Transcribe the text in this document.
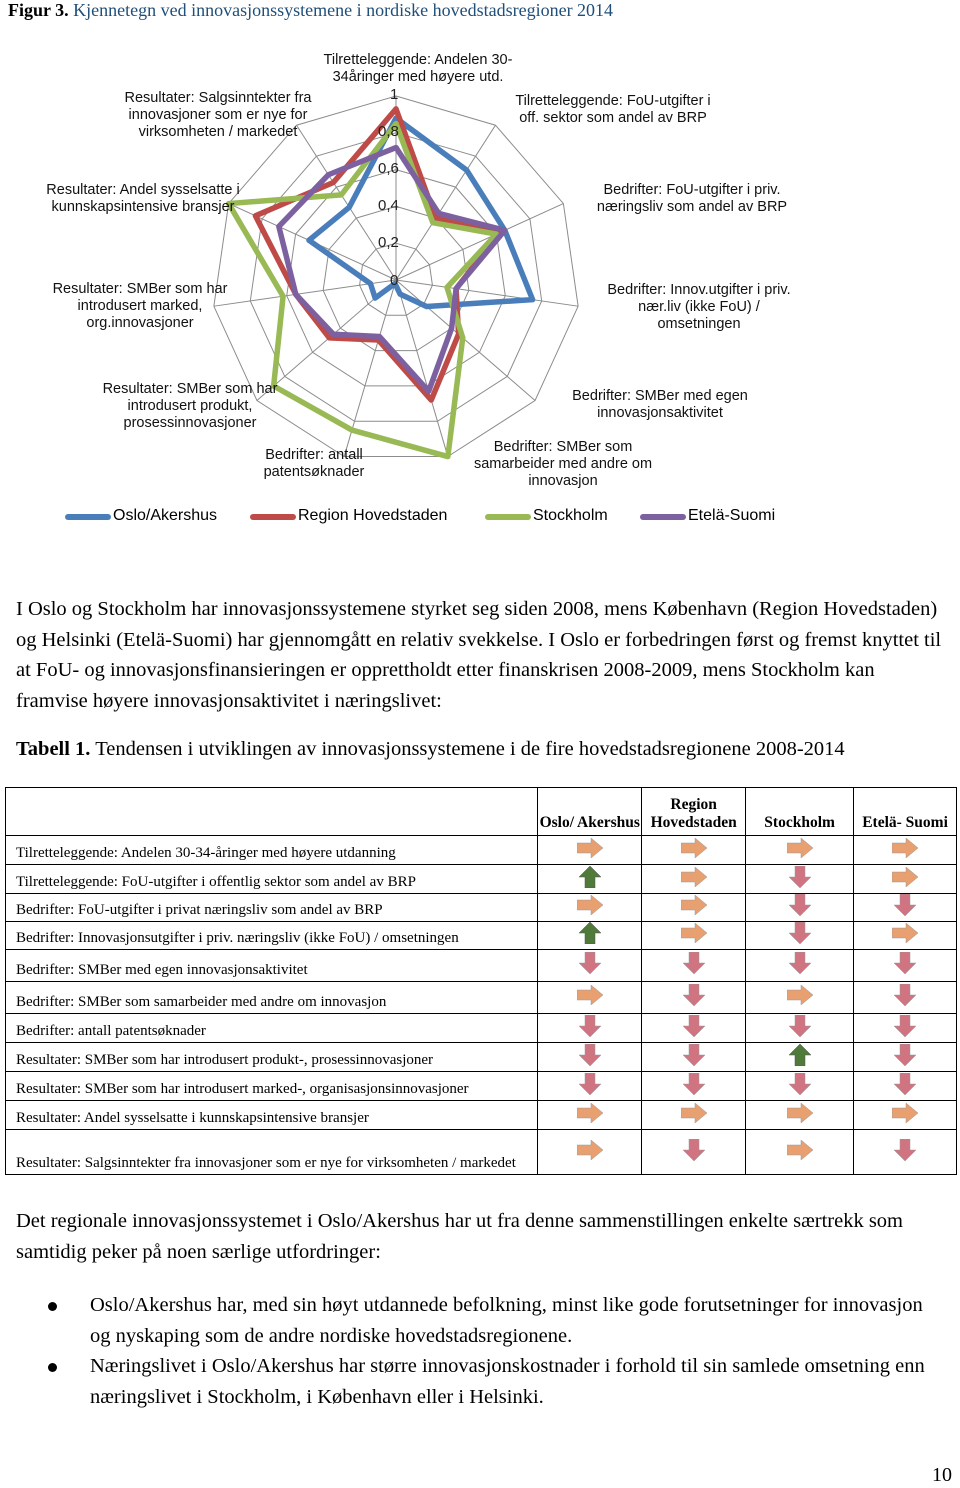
Figur 3. Kjennetegn ved innovasjonssystemene i nordiske hovedstadsregioner 2014
Tilretteleggende: Andelen 30-34åringer med høyere utd.
Tilretteleggende: FoU-utgifter i off. sektor som andel av BRP
Bedrifter: FoU-utgifter i priv. næringsliv som andel av BRP
Bedrifter: Innov.utgifter i priv. nær.liv (ikke FoU) / omsetningen
Bedrifter: SMBer med egen innovasjonsaktivitet
Bedrifter: SMBer som samarbeider med andre om innovasjon
Bedrifter: antall patentsøknader
Resultater: SMBer som har introdusert produkt, prosessinnovasjoner
Resultater: SMBer som har introdusert marked, org.innovasjoner
Resultater: Andel sysselsatte i kunnskapsintensive bransjer
Resultater: Salgsinntekter fra innovasjoner som er nye for virksomheten / markedet
0
0,2
0,4
0,6
0,8
1
Oslo/Akershus	Region Hovedstaden	Stockholm	Etelä-Suomi
I Oslo og Stockholm har innovasjonssystemene styrket seg siden 2008, mens København (Region Hovedstaden) og Helsinki (Etelä-Suomi) har gjennomgått en relativ svekkelse. I Oslo er forbedringen først og fremst knyttet til at FoU- og innovasjonsfinansieringen er opprettholdt etter finanskrisen 2008-2009, mens Stockholm kan framvise høyere innovasjonsaktivitet i næringslivet:
Tabell 1. Tendensen i utviklingen av innovasjonssystemene i de fire hovedstadsregionene 2008-2014
	Oslo/ Akershus	Region Hovedstaden	Stockholm	Etelä- Suomi
Tilretteleggende: Andelen 30-34-åringer med høyere utdanning				
Tilretteleggende: FoU-utgifter i offentlig sektor som andel av BRP				
Bedrifter: FoU-utgifter i privat næringsliv som andel av BRP				
Bedrifter: Innovasjonsutgifter i priv. næringsliv (ikke FoU) / omsetningen				
Bedrifter: SMBer med egen innovasjonsaktivitet				
Bedrifter: SMBer som samarbeider med andre om innovasjon				
Bedrifter: antall patentsøknader				
Resultater: SMBer som har introdusert produkt-, prosessinnovasjoner				
Resultater: SMBer som har introdusert marked-, organisasjonsinnovasjoner				
Resultater: Andel sysselsatte i kunnskapsintensive bransjer				
Resultater: Salgsinntekter fra innovasjoner som er nye for virksomheten / markedet				
Det regionale innovasjonssystemet i Oslo/Akershus har ut fra denne sammenstillingen enkelte særtrekk som samtidig peker på noen særlige utfordringer:
Oslo/Akershus har, med sin høyt utdannede befolkning, minst like gode forutsetninger for innovasjon og nyskaping som de andre nordiske hovedstadsregionene.
Næringslivet i Oslo/Akershus har større innovasjonskostnader i forhold til sin samlede omsetning enn næringslivet i Stockholm, i København eller i Helsinki.
10
